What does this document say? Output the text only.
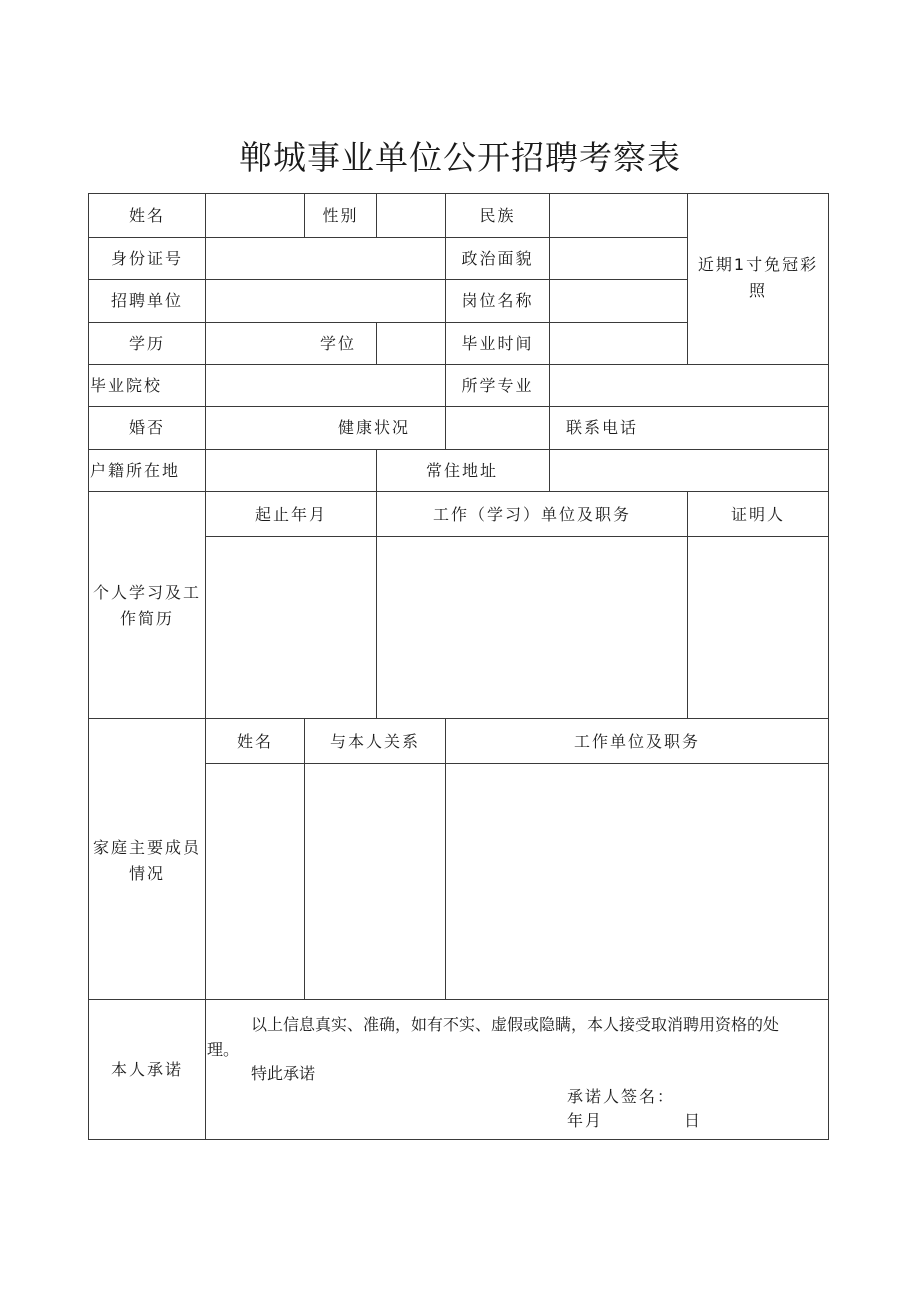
郸城事业单位公开招聘考察表
姓名	性别	民族
近期1寸免冠彩照
身份证号	政治面貌
招聘单位	岗位名称
学历	学位	毕业时间
毕业院校	所学专业
婚否	健康状况	联系电话
户籍所在地	常住地址
个人学习及工作简历
起止年月	工作（学习）单位及职务	证明人
家庭主要成员情况
姓名	与本人关系	工作单位及职务
本人承诺
以上信息真实、准确，如有不实、虚假或隐瞒，本人接受取消聘用资格的处
理。
特此承诺
承诺人签名：
年月	日
